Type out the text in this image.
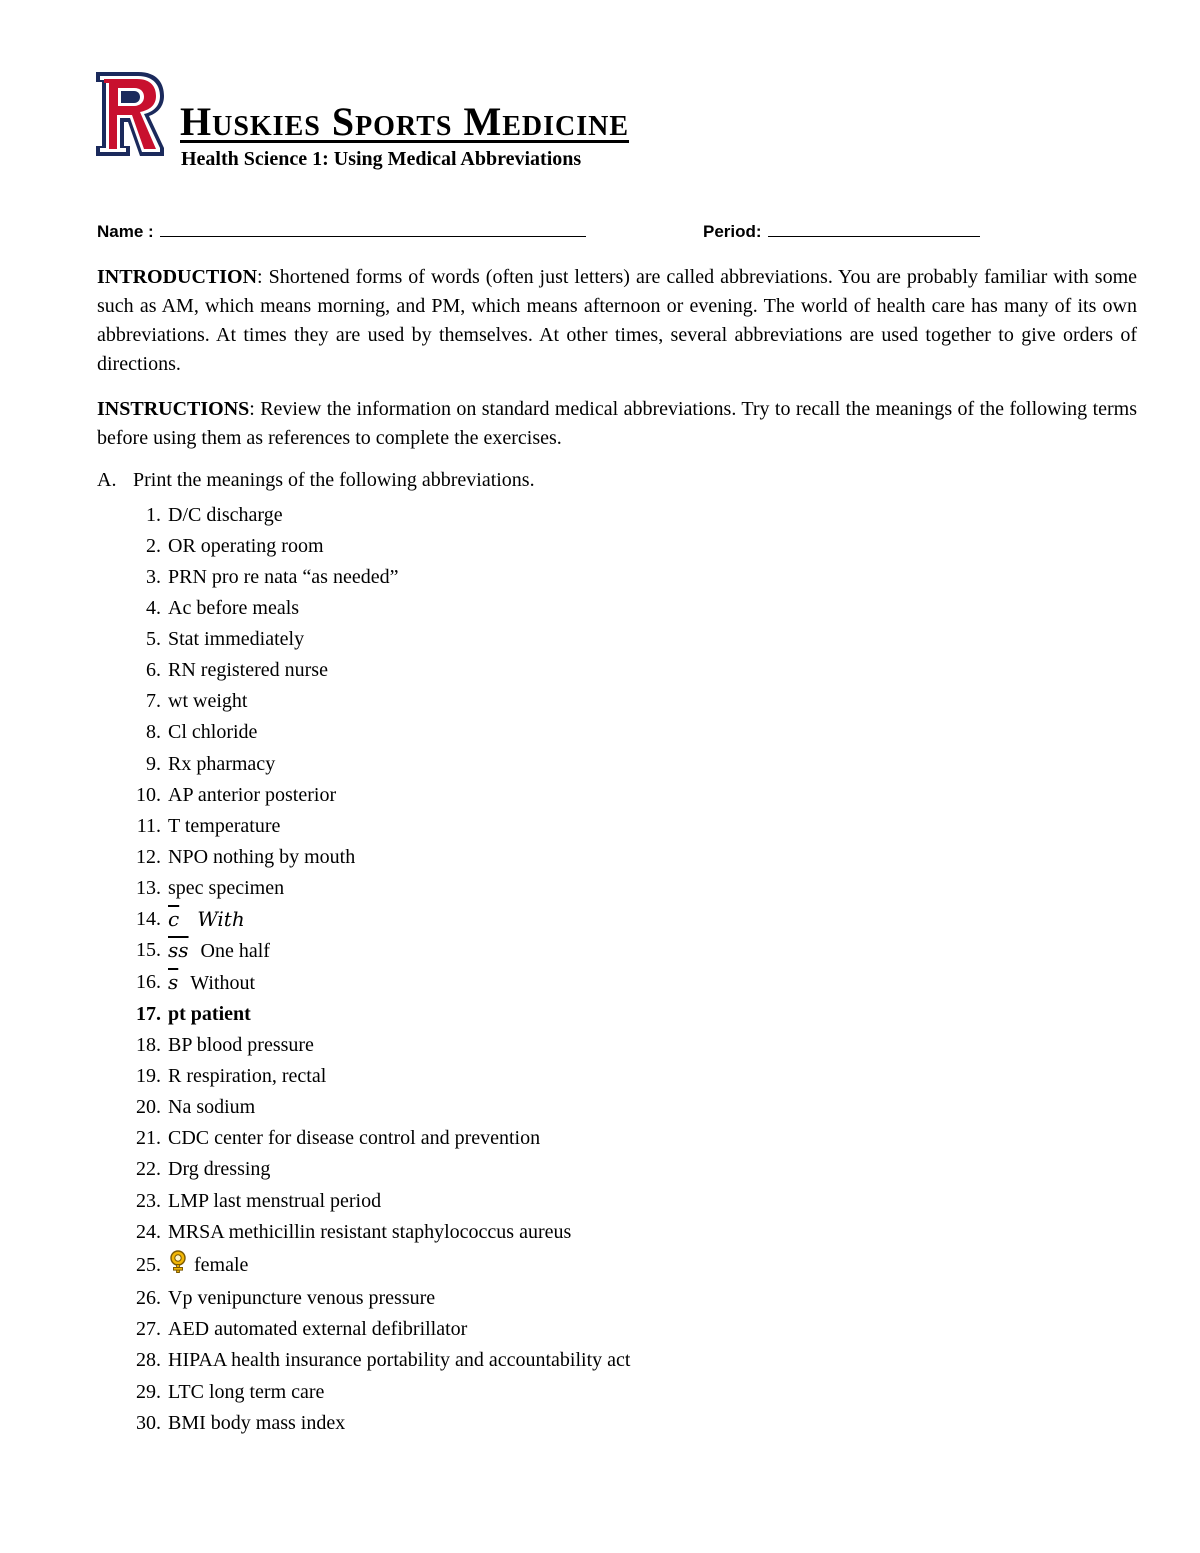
Huskies Sports Medicine
Health Science 1: Using Medical Abbreviations
Name :	Period:
INTRODUCTION: Shortened forms of words (often just letters) are called abbreviations. You are probably familiar with some such as AM, which means morning, and PM, which means afternoon or evening. The world of health care has many of its own abbreviations. At times they are used by themselves. At other times, several abbreviations are used together to give orders of directions.
INSTRUCTIONS: Review the information on standard medical abbreviations. Try to recall the meanings of the following terms before using them as references to complete the exercises.
A. Print the meanings of the following abbreviations.
1. D/C discharge
2. OR operating room
3. PRN pro re nata “as needed”
4. Ac before meals
5. Stat immediately
6. RN registered nurse
7. wt weight
8. Cl chloride
9. Rx pharmacy
10. AP anterior posterior
11. T temperature
12. NPO nothing by mouth
13. spec specimen
14. $\overline{c}$ With
15. $\overline{ss}$ One half
16. $\overline{s}$ Without
17. pt patient
18. BP blood pressure
19. R respiration, rectal
20. Na sodium
21. CDC center for disease control and prevention
22. Drg dressing
23. LMP last menstrual period
24. MRSA methicillin resistant staphylococcus aureus
25.	female
26. Vp venipuncture venous pressure
27. AED automated external defibrillator
28. HIPAA health insurance portability and accountability act
29. LTC long term care
30. BMI body mass index
